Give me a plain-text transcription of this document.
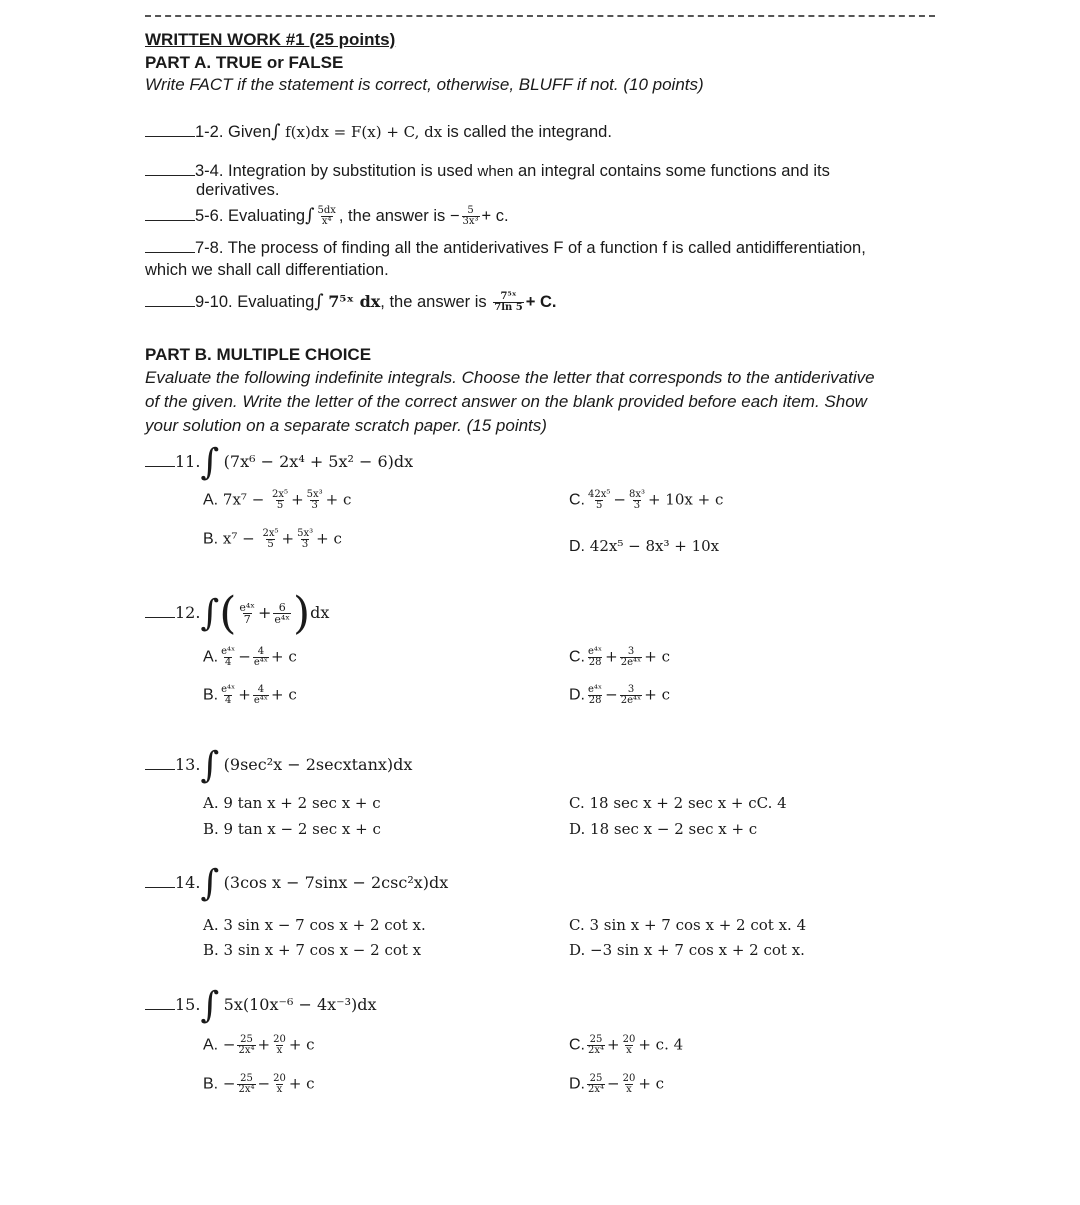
WRITTEN WORK #1 (25 points)
PART A. TRUE or FALSE
Write FACT if the statement is correct, otherwise, BLUFF if not. (10 points)
1-2. Given∫ f(x)dx = F(x) + C, dx is called the integrand.
3-4. Integration by substitution is used when an integral contains some functions and its
derivatives.
5-6. Evaluating∫ $\frac{5dx}{\text{x⁴}}$ , the answer is − $\frac{5}{\text{3x³}} + c$.
7-8. The process of finding all the antiderivatives F of a function f is called antidifferentiation,
which we shall call differentiation.
9-10. Evaluating∫ 7⁵ˣ dx, the answer is $\frac{\text{7⁵ˣ}}{7\ln 5} + C$.
PART B. MULTIPLE CHOICE
Evaluate the following indefinite integrals. Choose the letter that corresponds to the antiderivative
of the given. Write the letter of the correct answer on the blank provided before each item. Show
your solution on a separate scratch paper. (15 points)
11.∫ (7x⁶ − 2x⁴ + 5x² − 6)dx
A. $7x^7 - \frac{\text{2x⁵}}{5} + \frac{\text{5x³}}{3} + c$
B. $x^7 - \frac{\text{2x⁵}}{5} + \frac{\text{5x³}}{3} + c$
C. $\frac{\text{42x⁵}}{5} - \frac{\text{8x³}}{3} + 10x + c$
D. 42x⁵ − 8x³ + 10x
$12.\int( \frac{\text{e⁴ˣ}}{7} + \frac{6}{\text{e⁴ˣ}} )dx$
A. $\frac{\text{e⁴ˣ}}{4} - \frac{4}{\text{e⁴ˣ}} + c$
B. $\frac{\text{e⁴ˣ}}{4} + \frac{4}{\text{e⁴ˣ}} + c$
C. $\frac{\text{e⁴ˣ}}{28} + \frac{3}{\text{2e⁴ˣ}} + c$
D. $\frac{\text{e⁴ˣ}}{28} - \frac{3}{\text{2e⁴ˣ}} + c$
13.∫ (9sec²x − 2secxtanx)dx
A. 9 tan x + 2 sec x + c
B. 9 tan x − 2 sec x + c
C. 18 sec x + 2 sec x + cC. 4
D. 18 sec x − 2 sec x + c
14.∫ (3cos x − 7sinx − 2csc²x)dx
A. 3 sin x − 7 cos x + 2 cot x.
B. 3 sin x + 7 cos x − 2 cot x
C. 3 sin x + 7 cos x + 2 cot x. 4
D. −3 sin x + 7 cos x + 2 cot x.
15.∫ 5x(10x⁻⁶ − 4x⁻³)dx
A. − $\frac{25}{\text{2x⁴}} + \frac{20}{x} + c$
B. − $\frac{25}{\text{2x⁴}} - \frac{20}{x} + c$
C. $\frac{25}{\text{2x⁴}} + \frac{20}{x} + c$. 4
D. $\frac{25}{\text{2x⁴}} - \frac{20}{x} + c$
